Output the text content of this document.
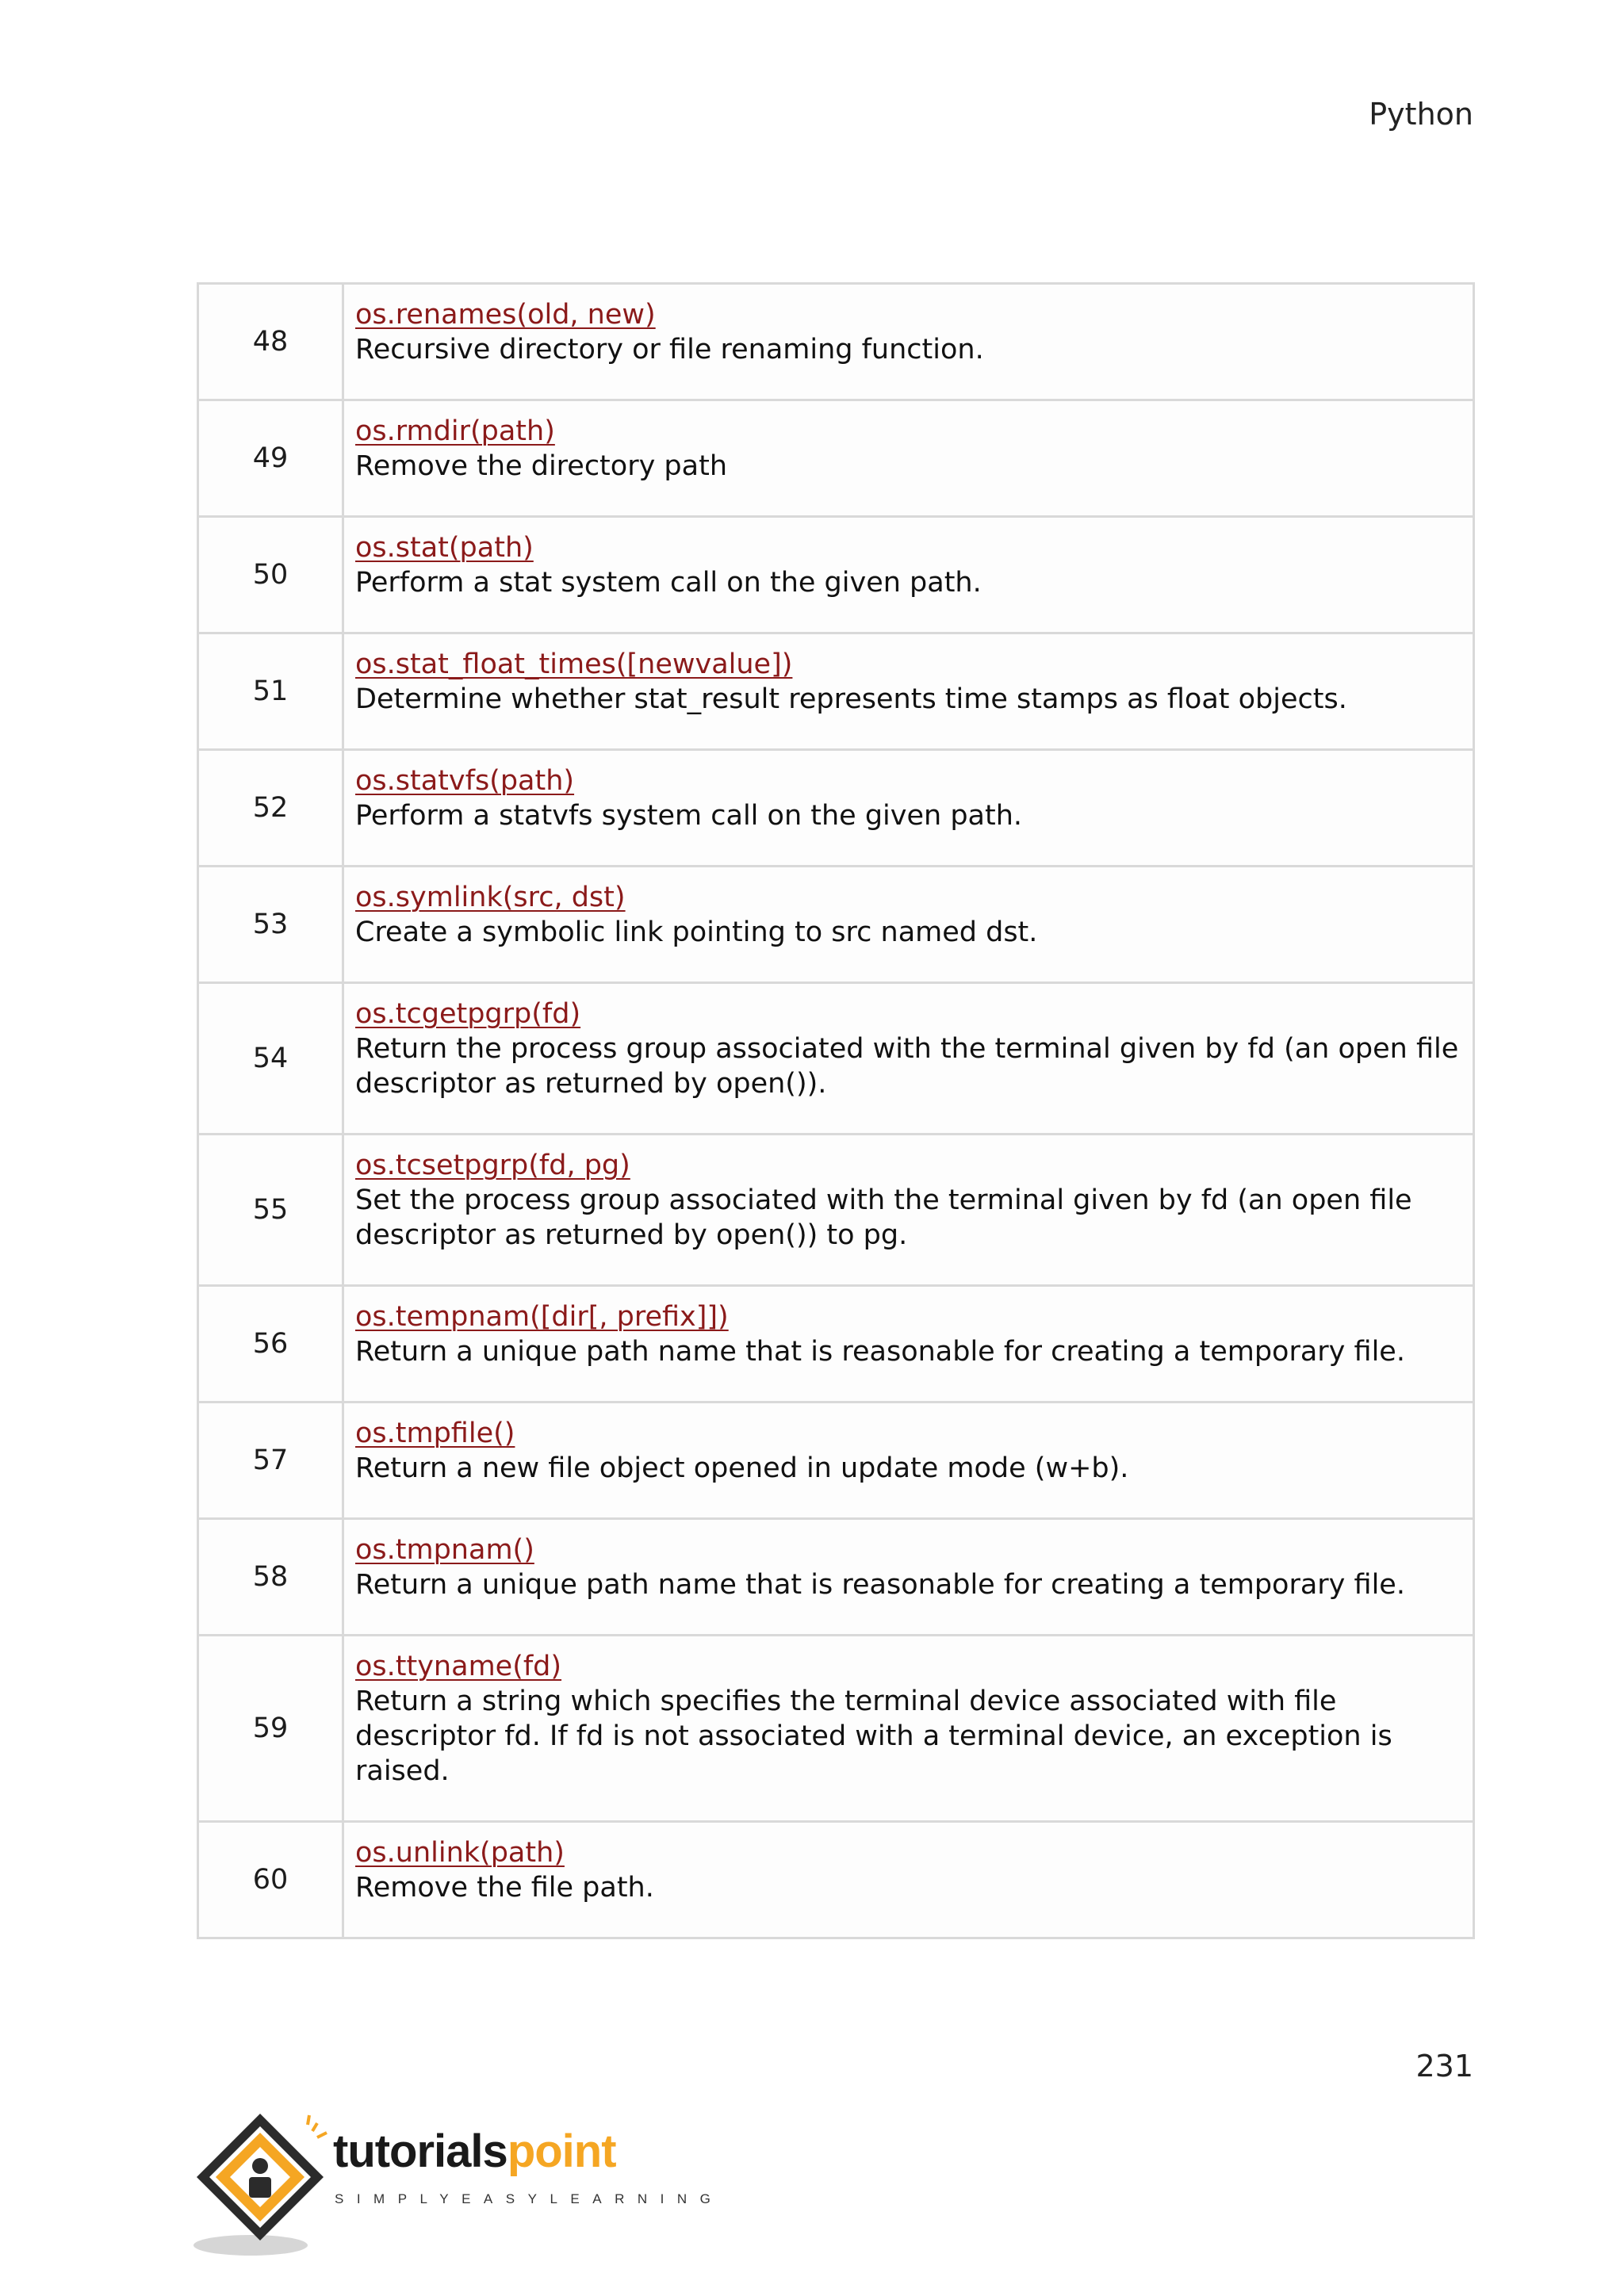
Python
48	os.renames(old, new)
Recursive directory or file renaming function.

49	os.rmdir(path)
Remove the directory path

50	os.stat(path)
Perform a stat system call on the given path.

51	os.stat_float_times([newvalue])
Determine whether stat_result represents time stamps as float objects.

52	os.statvfs(path)
Perform a statvfs system call on the given path.

53	os.symlink(src, dst)
Create a symbolic link pointing to src named dst.

54	os.tcgetpgrp(fd)
Return the process group associated with the terminal given by fd (an open file descriptor as returned by open()).

55	os.tcsetpgrp(fd, pg)
Set the process group associated with the terminal given by fd (an open file descriptor as returned by open()) to pg.

56	os.tempnam([dir[, prefix]])
Return a unique path name that is reasonable for creating a temporary file.

57	os.tmpfile()
Return a new file object opened in update mode (w+b).

58	os.tmpnam()
Return a unique path name that is reasonable for creating a temporary file.

59	os.ttyname(fd)
Return a string which specifies the terminal device associated with file descriptor fd. If fd is not associated with a terminal device, an exception is raised.

60	os.unlink(path)
Remove the file path.
231
tutorialspoint
SIMPLYEASYLEARNING
